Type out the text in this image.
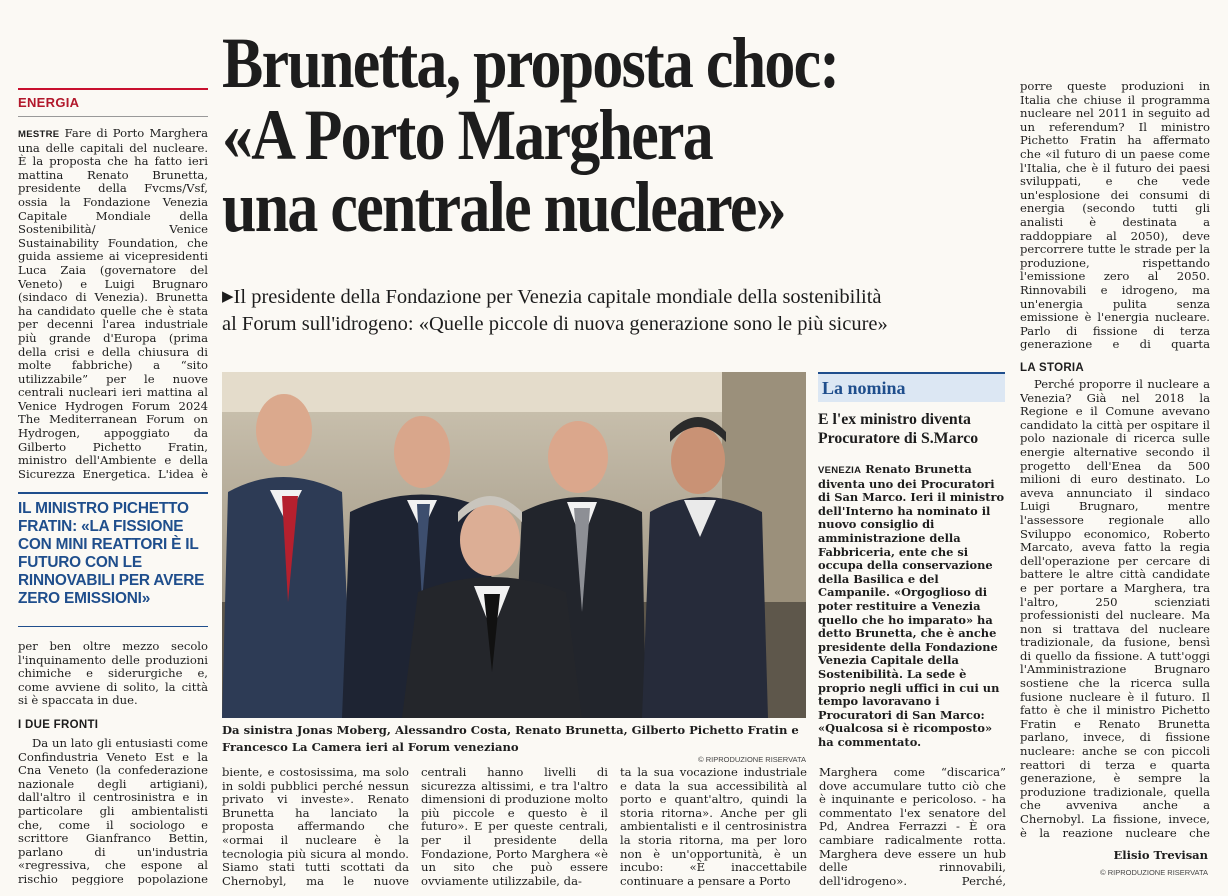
ENERGIA

MESTRE Fare di Porto Marghera una delle capitali del nucleare. È la proposta che ha fatto ieri mattina Renato Brunetta, presidente della Fvcms/Vsf, ossia la Fondazione Venezia Capitale Mondiale della Sostenibilità/ Venice Sustainability Foundation, che guida assieme ai vicepresidenti Luca Zaia (governatore del Veneto) e Luigi Brugnaro (sindaco di Venezia). Brunetta ha candidato quelle che è stata per decenni l'area industriale più grande d'Europa (prima della crisi e della chiusura di molte fabbriche) a “sito utilizzabile” per le nuove centrali nucleari ieri mattina al Venice Hydrogen Forum 2024 The Mediterranean Forum on Hydrogen, appoggiato da Gilberto Pichetto Fratin, ministro dell'Ambiente e della Sicurezza Energetica. L'idea è

IL MINISTRO PICHETTO FRATIN: «LA FISSIONE CON MINI REATTORI È IL FUTURO CON LE RINNOVABILI PER AVERE ZERO EMISSIONI»

per ben oltre mezzo secolo l'inquinamento delle produzioni chimiche e siderurgiche e, come avviene di solito, la città si è spaccata in due.

I DUE FRONTI

Da un lato gli entusiasti come Confindustria Veneto Est e la Cna Veneto (la confederazione nazionale degli artigiani), dall'altro il centrosinistra e in particolare gli ambientalisti che, come il sociologo e scrittore Gianfranco Bettin, parlano di un'industria «regressiva, che espone al rischio peggiore popolazione

Brunetta, proposta choc:
«A Porto Marghera
una centrale nucleare»
▶Il presidente della Fondazione per Venezia capitale mondiale della sostenibilità
al Forum sull'idrogeno: «Quelle piccole di nuova generazione sono le più sicure»
Da sinistra Jonas Moberg, Alessandro Costa, Renato Brunetta, Gilberto Pichetto Fratin e
Francesco La Camera ieri al Forum veneziano
© RIPRODUZIONE RISERVATA
La nomina
E l'ex ministro diventa
Procuratore di S.Marco

VENEZIA Renato Brunetta diventa uno dei Procuratori di San Marco. Ieri il ministro dell'Interno ha nominato il nuovo consiglio di amministrazione della Fabbriceria, ente che si occupa della conservazione della Basilica e del Campanile. «Orgoglioso di poter restituire a Venezia quello che ho imparato» ha detto Brunetta, che è anche presidente della Fondazione Venezia Capitale della Sostenibilità. La sede è proprio negli uffici in cui un tempo lavoravano i Procuratori di San Marco: «Qualcosa si è ricomposto» ha commentato.

biente, e costosissima, ma solo in soldi pubblici perché nessun privato vi investe». Renato Brunetta ha lanciato la proposta affermando che «ormai il nucleare è la tecnologia più sicura al mondo. Siamo stati tutti scottati da Chernobyl, ma le nuove

centrali hanno livelli di sicurezza altissimi, e tra l'altro dimensioni di produzione molto più piccole e questo è il futuro». E per queste centrali, per il presidente della Fondazione, Porto Marghera «è un sito che può essere ovviamente utilizzabile, da-

ta la sua vocazione industriale e data la sua accessibilità al porto e quant'altro, quindi la storia ritorna». Anche per gli ambientalisti e il centrosinistra la storia ritorna, ma per loro non è un'opportunità, è un incubo: «È inaccettabile continuare a pensare a Porto

Marghera come “discarica” dove accumulare tutto ciò che è inquinante e pericoloso. - ha commentato l'ex senatore del Pd, Andrea Ferrazzi - È ora cambiare radicalmente rotta. Marghera deve essere un hub delle rinnovabili, dell'idrogeno». Perché,

porre queste produzioni in Italia che chiuse il programma nucleare nel 2011 in seguito ad un referendum? Il ministro Pichetto Fratin ha affermato che «il futuro di un paese come l'Italia, che è il futuro dei paesi sviluppati, e che vede un'esplosione dei consumi di energia (secondo tutti gli analisti è destinata a raddoppiare al 2050), deve percorrere tutte le strade per la produzione, rispettando l'emissione zero al 2050. Rinnovabili e idrogeno, ma un'energia pulita senza emissione è l'energia nucleare. Parlo di fissione di terza generazione e di quarta

LA STORIA

Perché proporre il nucleare a Venezia? Già nel 2018 la Regione e il Comune avevano candidato la città per ospitare il polo nazionale di ricerca sulle energie alternative secondo il progetto dell'Enea da 500 milioni di euro destinato. Lo aveva annunciato il sindaco Luigi Brugnaro, mentre l'assessore regionale allo Sviluppo economico, Roberto Marcato, aveva fatto la regia dell'operazione per cercare di battere le altre città candidate e per portare a Marghera, tra l'altro, 250 scienziati professionisti del nucleare. Ma non si trattava del nucleare tradizionale, da fusione, bensì di quello da fissione. A tutt'oggi l'Amministrazione Brugnaro sostiene che la ricerca sulla fusione nucleare è il futuro. Il fatto è che il ministro Pichetto Fratin e Renato Brunetta parlano, invece, di fissione nucleare: anche se con piccoli reattori di terza e quarta generazione, è sempre la produzione tradizionale, quella che avveniva anche a Chernobyl. La fissione, invece, è la reazione nucleare che

Elisio Trevisan
© RIPRODUZIONE RISERVATA
